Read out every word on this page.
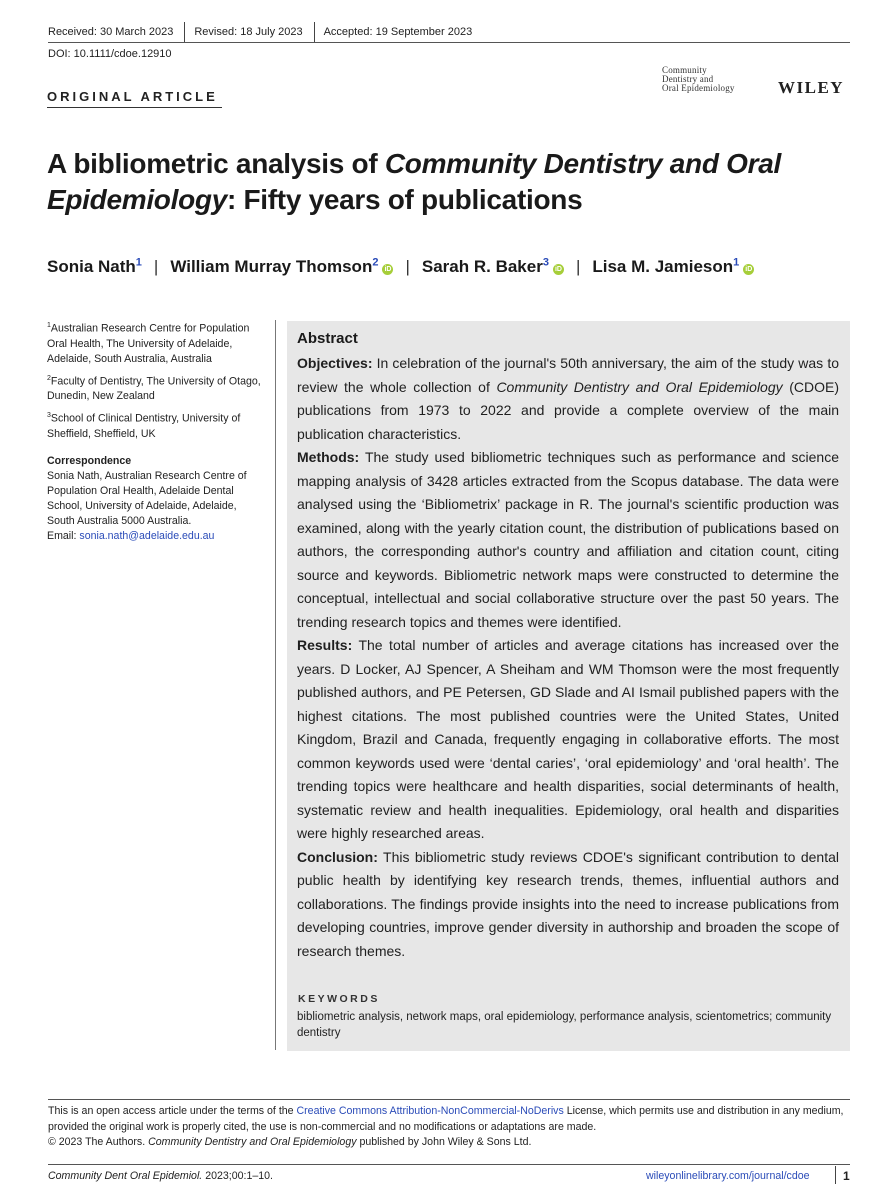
Received: 30 March 2023 Revised: 18 July 2023 Accepted: 19 September 2023
DOI: 10.1111/cdoe.12910
Community
Dentistry and
Oral Epidemiology	WILEY
ORIGINAL ARTICLE
A bibliometric analysis of Community Dentistry and Oral Epidemiology: Fifty years of publications
Sonia Nath$^1$ | William Murray Thomson$^2$iD | Sarah R. Baker$^3$iD | Lisa M. Jamieson$^1$iD
$^1$Australian Research Centre for Population Oral Health, The University of Adelaide, Adelaide, South Australia, Australia
$^2$Faculty of Dentistry, The University of Otago, Dunedin, New Zealand
$^3$School of Clinical Dentistry, University of Sheffield, Sheffield, UK
Correspondence
Sonia Nath, Australian Research Centre of Population Oral Health, Adelaide Dental School, University of Adelaide, Adelaide, South Australia 5000 Australia.
Email: sonia.nath@adelaide.edu.au
Abstract

Objectives: In celebration of the journal's 50th anniversary, the aim of the study was to review the whole collection of Community Dentistry and Oral Epidemiology (CDOE) publications from 1973 to 2022 and provide a complete overview of the main publication characteristics.

Methods: The study used bibliometric techniques such as performance and science mapping analysis of 3428 articles extracted from the Scopus database. The data were analysed using the ‘Bibliometrix’ package in R. The journal's scientific production was examined, along with the yearly citation count, the distribution of publications based on authors, the corresponding author's country and affiliation and citation count, citing source and keywords. Bibliometric network maps were constructed to determine the conceptual, intellectual and social collaborative structure over the past 50 years. The trending research topics and themes were identified.

Results: The total number of articles and average citations has increased over the years. D Locker, AJ Spencer, A Sheiham and WM Thomson were the most frequently published authors, and PE Petersen, GD Slade and AI Ismail published papers with the highest citations. The most published countries were the United States, United Kingdom, Brazil and Canada, frequently engaging in collaborative efforts. The most common keywords used were ‘dental caries’, ‘oral epidemiology’ and ‘oral health’. The trending topics were healthcare and health disparities, social determinants of health, systematic review and health inequalities. Epidemiology, oral health and disparities were highly researched areas.

Conclusion: This bibliometric study reviews CDOE's significant contribution to dental public health by identifying key research trends, themes, influential authors and collaborations. The findings provide insights into the need to increase publications from developing countries, improve gender diversity in authorship and broaden the scope of research themes.

KEYWORDS
bibliometric analysis, network maps, oral epidemiology, performance analysis, scientometrics; community dentistry
This is an open access article under the terms of the Creative Commons Attribution-NonCommercial-NoDerivs License, which permits use and distribution in any medium, provided the original work is properly cited, the use is non-commercial and no modifications or adaptations are made.
© 2023 The Authors. Community Dentistry and Oral Epidemiology published by John Wiley & Sons Ltd.
Community Dent Oral Epidemiol. 2023;00:1–10.	wileyonlinelibrary.com/journal/cdoe	1
